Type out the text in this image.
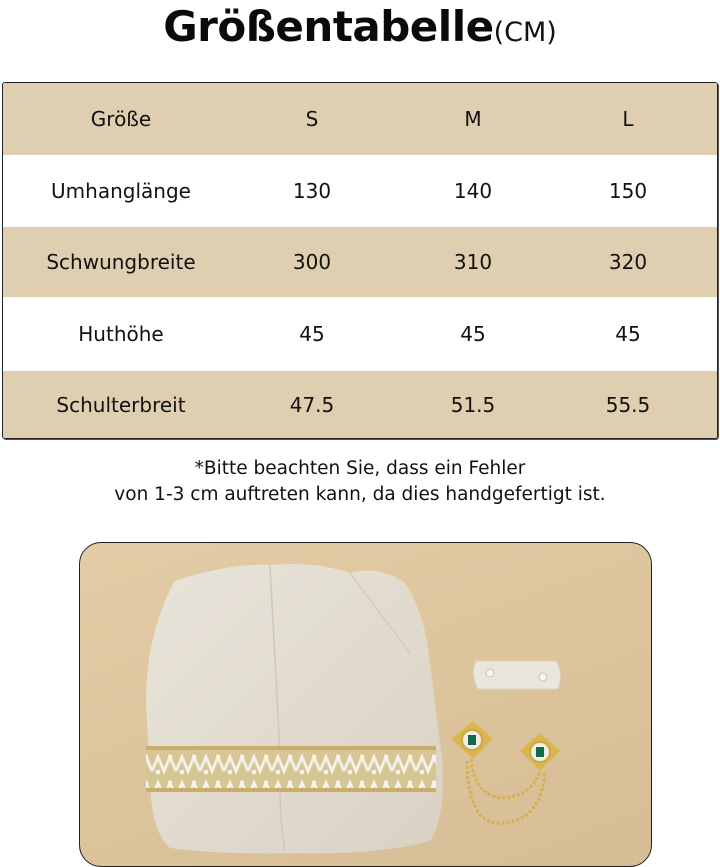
Größentabelle(CM)
Größe	S	M	L
Umhanglänge	130	140	150
Schwungbreite	300	310	320
Huthöhe	45	45	45
Schulterbreit	47.5	51.5	55.5
*Bitte beachten Sie, dass ein Fehler
von 1-3 cm auftreten kann, da dies handgefertigt ist.
